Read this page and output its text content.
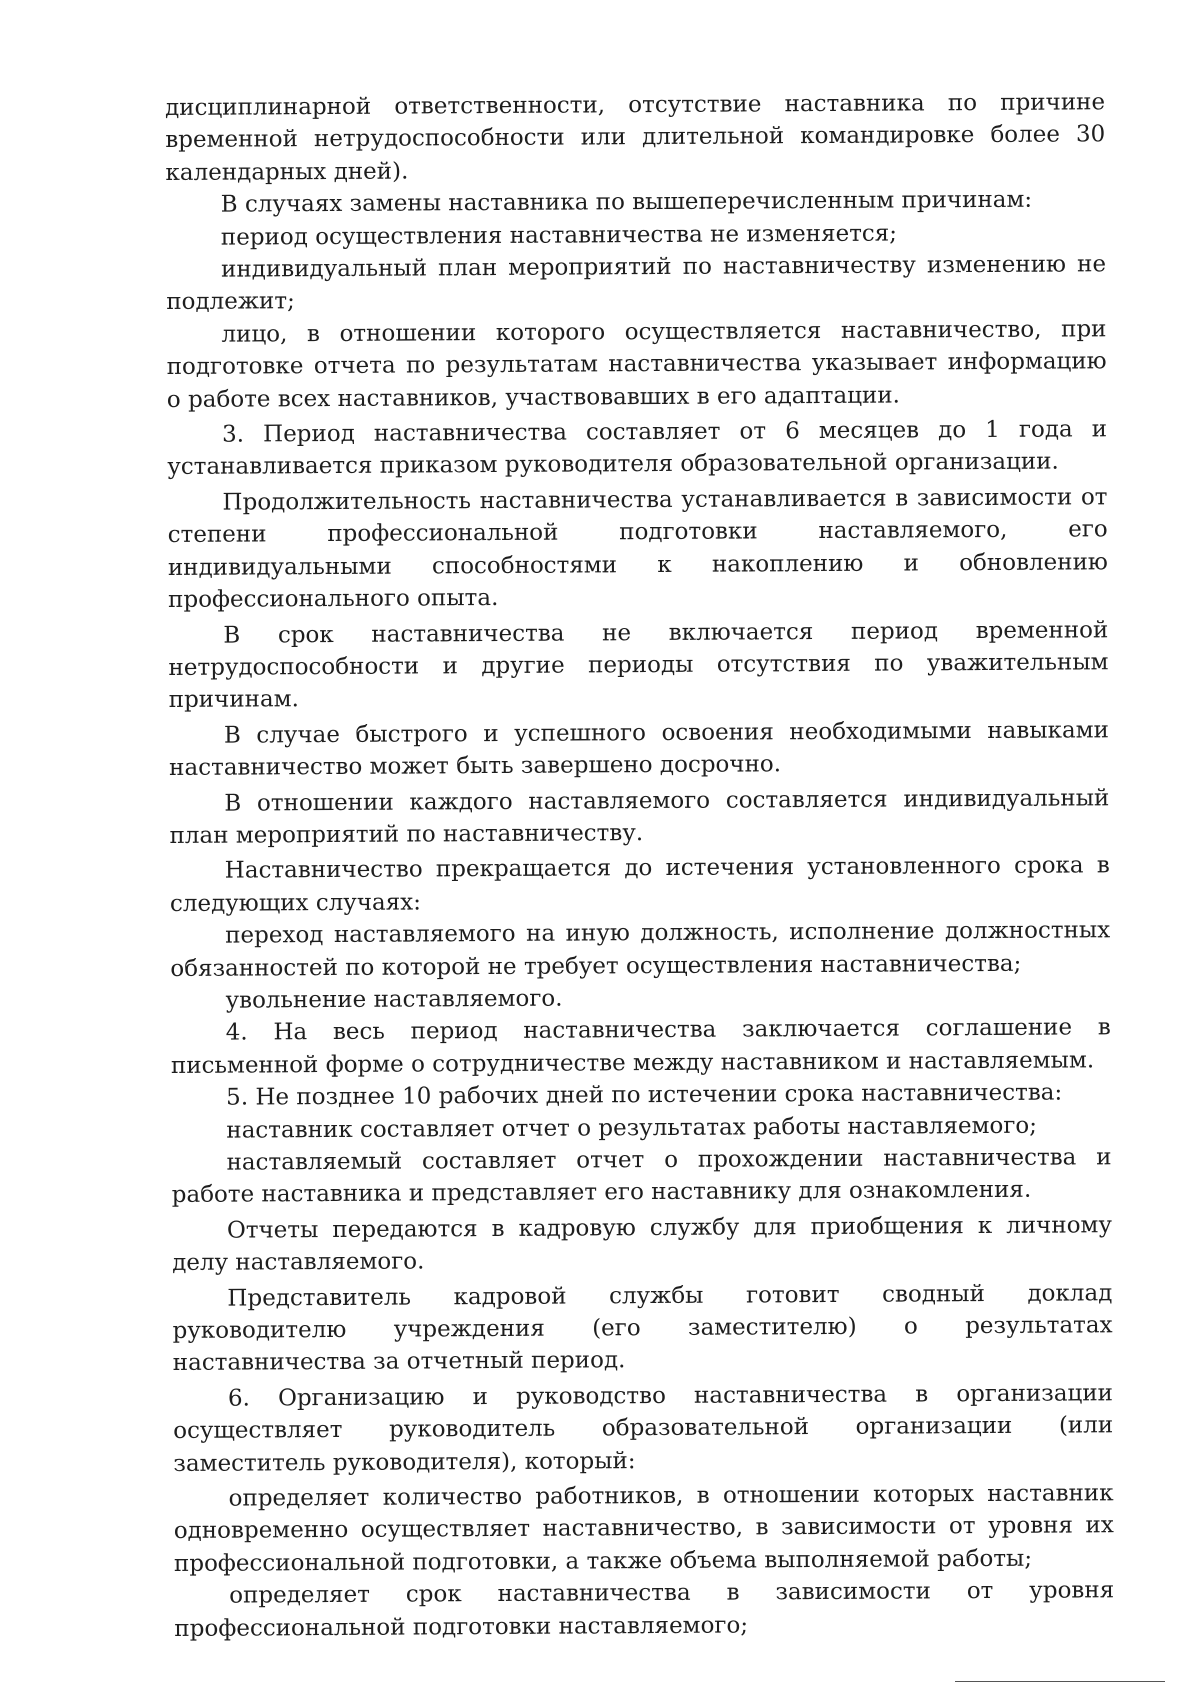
дисциплинарной ответственности, отсутствие наставника по причине временной нетрудоспособности или длительной командировке более 30 календарных дней).

В случаях замены наставника по вышеперечисленным причинам:

период осуществления наставничества не изменяется;

индивидуальный план мероприятий по наставничеству изменению не подлежит;

лицо, в отношении которого осуществляется наставничество, при подготовке отчета по результатам наставничества указывает информацию о работе всех наставников, участвовавших в его адаптации.

3. Период наставничества составляет от 6 месяцев до 1 года и устанавливается приказом руководителя образовательной организации.

Продолжительность наставничества устанавливается в зависимости от степени профессиональной подготовки наставляемого, его индивидуальными способностями к накоплению и обновлению профессионального опыта.

В срок наставничества не включается период временной нетрудоспособности и другие периоды отсутствия по уважительным причинам.

В случае быстрого и успешного освоения необходимыми навыками наставничество может быть завершено досрочно.

В отношении каждого наставляемого составляется индивидуальный план мероприятий по наставничеству.

Наставничество прекращается до истечения установленного срока в следующих случаях:

переход наставляемого на иную должность, исполнение должностных обязанностей по которой не требует осуществления наставничества;

увольнение наставляемого.

4. На весь период наставничества заключается соглашение в письменной форме о сотрудничестве между наставником и наставляемым.

5. Не позднее 10 рабочих дней по истечении срока наставничества:

наставник составляет отчет о результатах работы наставляемого;

наставляемый составляет отчет о прохождении наставничества и работе наставника и представляет его наставнику для ознакомления.

Отчеты передаются в кадровую службу для приобщения к личному делу наставляемого.

Представитель кадровой службы готовит сводный доклад руководителю учреждения (его заместителю) о результатах наставничества за отчетный период.

6. Организацию и руководство наставничества в организации осуществляет руководитель образовательной организации (или заместитель руководителя), который:

определяет количество работников, в отношении которых наставник одновременно осуществляет наставничество, в зависимости от уровня их профессиональной подготовки, а также объема выполняемой работы;

определяет срок наставничества в зависимости от уровня профессиональной подготовки наставляемого;
